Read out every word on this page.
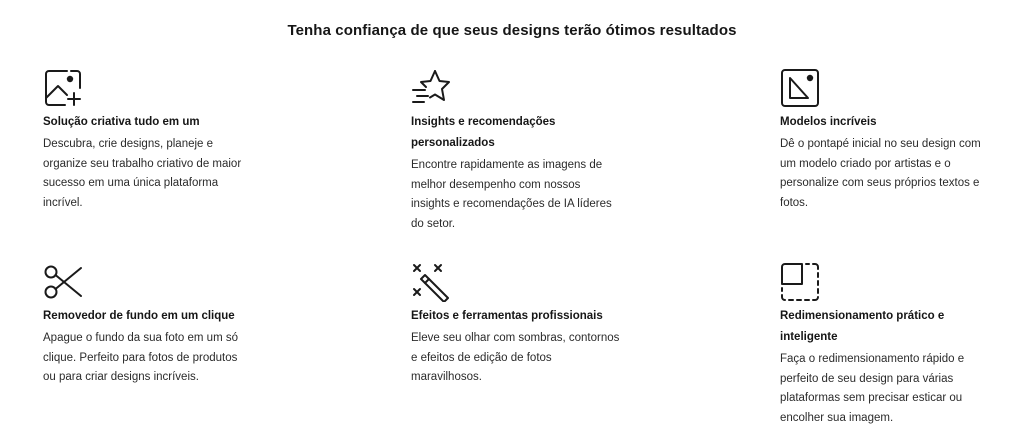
Tenha confiança de que seus designs terão ótimos resultados
Solução criativa tudo em um

Descubra, crie designs, planeje e organize seu trabalho criativo de maior sucesso em uma única plataforma incrível.

Insights e recomendações personalizados

Encontre rapidamente as imagens de melhor desempenho com nossos insights e recomendações de IA líderes do setor.

Modelos incríveis

Dê o pontapé inicial no seu design com um modelo criado por artistas e o personalize com seus próprios textos e fotos.

Removedor de fundo em um clique

Apague o fundo da sua foto em um só clique. Perfeito para fotos de produtos ou para criar designs incríveis.

Efeitos e ferramentas profissionais

Eleve seu olhar com sombras, contornos e efeitos de edição de fotos maravilhosos.

Redimensionamento prático e inteligente

Faça o redimensionamento rápido e perfeito de seu design para várias plataformas sem precisar esticar ou encolher sua imagem.
